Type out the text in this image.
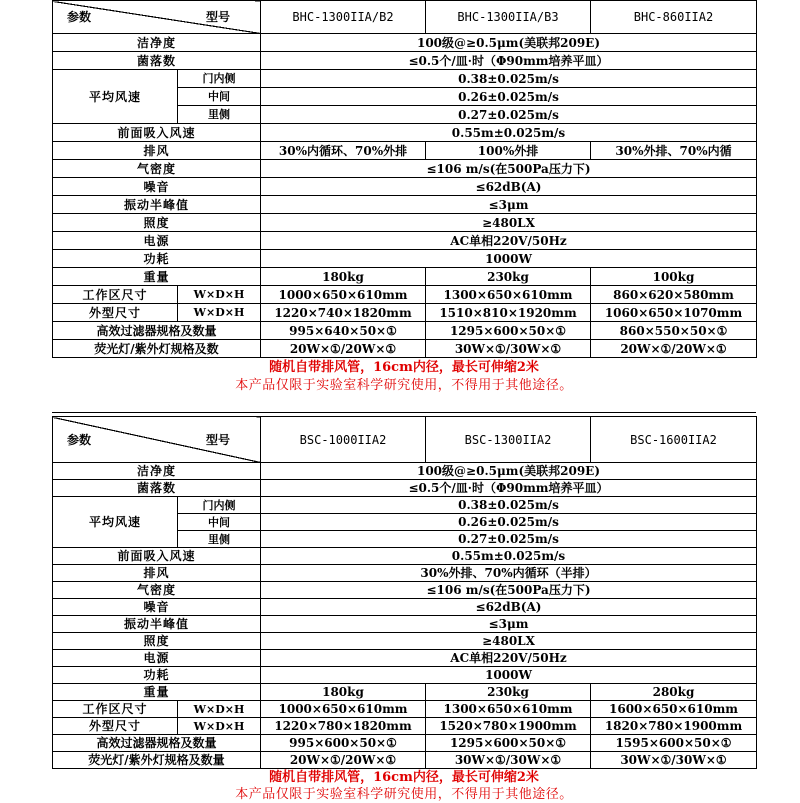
参数 型号		BHC-1300IIA/B2	BHC-1300IIA/B3	BHC-860IIA2
洁净度		100级@≥0.5μm(美联邦209E)		
菌落数		≤0.5个/皿·时（Φ90mm培养平皿）		
平均风速	门内侧	0.38±0.025m/s		
	中间	0.26±0.025m/s		
	里侧	0.27±0.025m/s		
前面吸入风速		0.55m±0.025m/s		
排风		30%内循环、70%外排	100%外排	30%外排、70%内循
气密度		≤106 m/s(在500Pa压力下)		
噪音		≤62dB(A)		
振动半峰值		≤3μm		
照度		≥480LX		
电源		AC单相220V/50Hz		
功耗		1000W		
重量		180kg	230kg	100kg
工作区尺寸	W×D×H	1000×650×610mm	1300×650×610mm	860×620×580mm
外型尺寸	W×D×H	1220×740×1820mm	1510×810×1920mm	1060×650×1070mm
高效过滤器规格及数量		995×640×50×①	1295×600×50×①	860×550×50×①
荧光灯/紫外灯规格及数		20W×①/20W×①	30W×①/30W×①	20W×①/20W×①
随机自带排风管，16cm内径，最长可伸缩2米
本产品仅限于实验室科学研究使用，不得用于其他途径。
参数 型号		BSC-1000IIA2	BSC-1300IIA2	BSC-1600IIA2
洁净度		100级@≥0.5μm(美联邦209E)		
菌落数		≤0.5个/皿·时（Φ90mm培养平皿）		
平均风速	门内侧	0.38±0.025m/s		
	中间	0.26±0.025m/s		
	里侧	0.27±0.025m/s		
前面吸入风速		0.55m±0.025m/s		
排风		30%外排、70%内循环（半排）		
气密度		≤106 m/s(在500Pa压力下)		
噪音		≤62dB(A)		
振动半峰值		≤3μm		
照度		≥480LX		
电源		AC单相220V/50Hz		
功耗		1000W		
重量		180kg	230kg	280kg
工作区尺寸	W×D×H	1000×650×610mm	1300×650×610mm	1600×650×610mm
外型尺寸	W×D×H	1220×780×1820mm	1520×780×1900mm	1820×780×1900mm
高效过滤器规格及数量		995×600×50×①	1295×600×50×①	1595×600×50×①
荧光灯/紫外灯规格及数量		20W×①/20W×①	30W×①/30W×①	30W×①/30W×①
随机自带排风管，16cm内径，最长可伸缩2米
本产品仅限于实验室科学研究使用，不得用于其他途径。
